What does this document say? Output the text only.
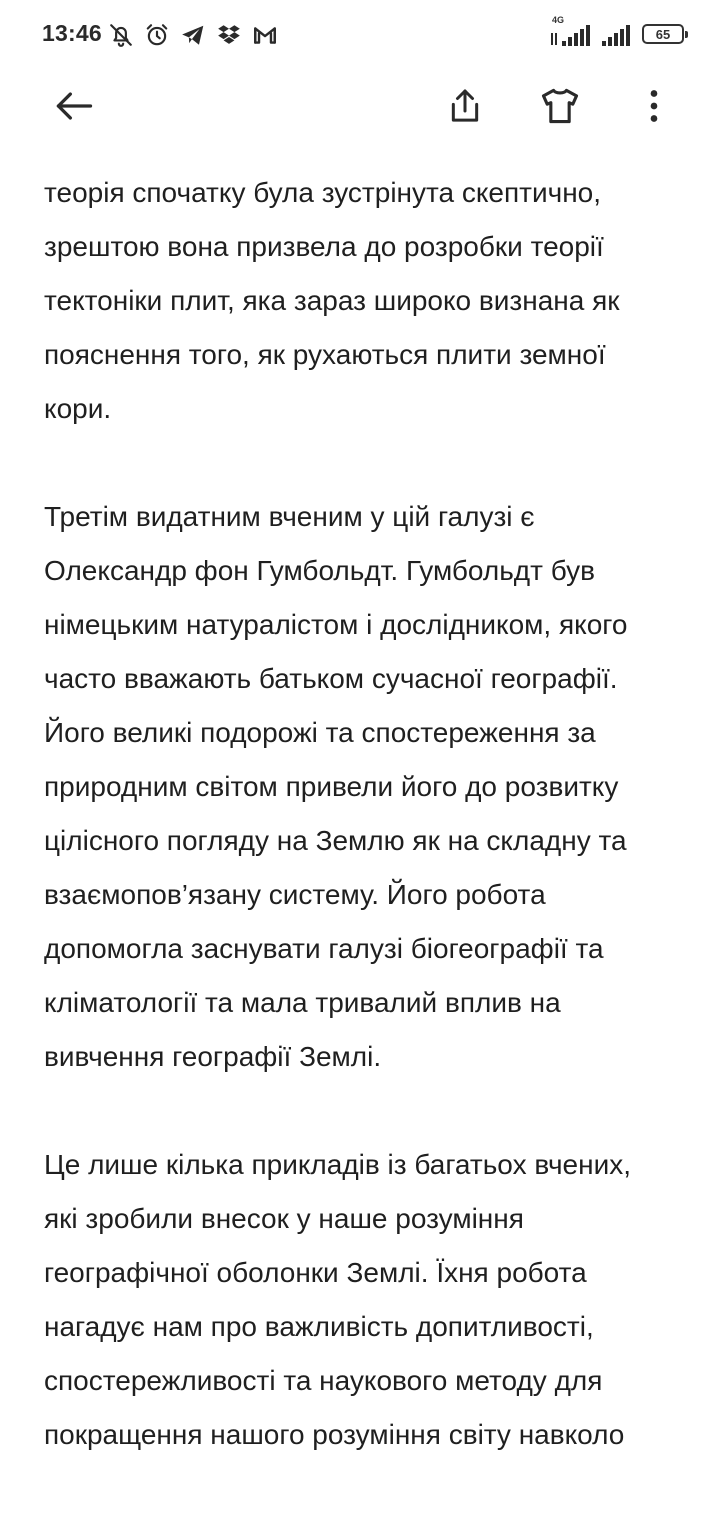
13:46	4G
65

теорія спочатку була зустрінута скептично,
зрештою вона призвела до розробки теорії
тектоніки плит, яка зараз широко визнана як
пояснення того, як рухаються плити земної
кори.

Третім видатним вченим у цій галузі є
Олександр фон Гумбольдт. Гумбольдт був
німецьким натуралістом і дослідником, якого
часто вважають батьком сучасної географії.
Його великі подорожі та спостереження за
природним світом привели його до розвитку
цілісного погляду на Землю як на складну та
взаємопов’язану систему. Його робота
допомогла заснувати галузі біогеографії та
кліматології та мала тривалий вплив на
вивчення географії Землі.

Це лише кілька прикладів із багатьох вчених,
які зробили внесок у наше розуміння
географічної оболонки Землі. Їхня робота
нагадує нам про важливість допитливості,
спостережливості та наукового методу для
покращення нашого розуміння світу навколо
